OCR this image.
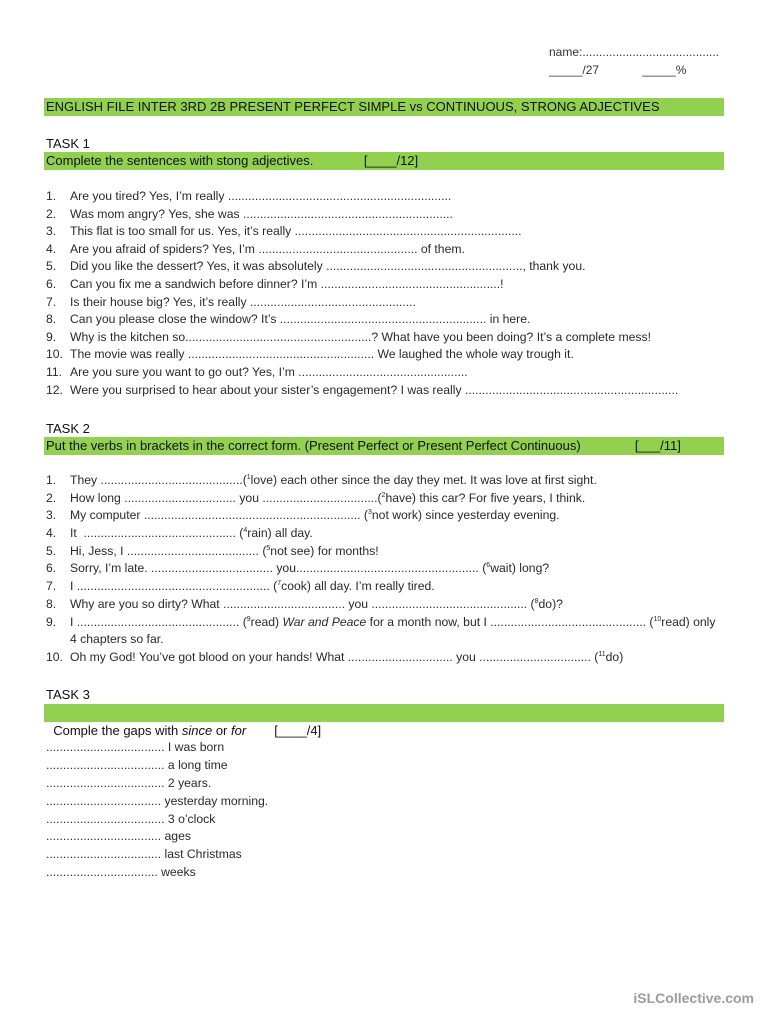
name:.........................................
_____/27             _____%
ENGLISH FILE INTER 3RD 2B PRESENT PERFECT SIMPLE vs CONTINUOUS, STRONG ADJECTIVES
TASK 1
Complete the sentences with stong adjectives.              [____/12]
1. Are you tired? Yes, I’m really ..................................................................
2. Was mom angry? Yes, she was ..............................................................
3. This flat is too small for us. Yes, it’s really ...................................................................
4. Are you afraid of spiders? Yes, I’m ............................................... of them.
5. Did you like the dessert? Yes, it was absolutely .........................................................., thank you.
6. Can you fix me a sandwich before dinner? I’m .....................................................!
7. Is their house big? Yes, it’s really .................................................
8. Can you please close the window? It’s ............................................................. in here.
9. Why is the kitchen so.......................................................? What have you been doing? It’s a complete mess!
10. The movie was really ....................................................... We laughed the whole way trough it.
11. Are you sure you want to go out? Yes, I’m ..................................................
12. Were you surprised to hear about your sister’s engagement? I was really ...............................................................
TASK 2
Put the verbs in brackets in the correct form. (Present Perfect or Present Perfect Continuous)               [___/11]
1. They ..........................................($^1$love) each other since the day they met. It was love at first sight.
2. How long ................................. you ..................................($^2$have) this car? For five years, I think.
3. My computer ................................................................ ($^3$not work) since yesterday evening.
4. It  ............................................. ($^4$rain) all day.
5. Hi, Jess, I ....................................... ($^5$not see) for months!
6. Sorry, I’m late. .................................... you...................................................... ($^6$wait) long?
7. I ......................................................... ($^7$cook) all day. I’m really tired.
8. Why are you so dirty? What .................................... you .............................................. ($^8$do)?
9. I ................................................ ($^9$read) War and Peace for a month now, but I .............................................. ($^{10}$read) only
4 chapters so far.
10. Oh my God! You’ve got blood on your hands! What ............................... you ................................. ($^{11}$do)
TASK 3

Comple the gaps with since or for [____/4]

................................... I was born
................................... a long time
................................... 2 years.
.................................. yesterday morning.
................................... 3 o’clock
.................................. ages
.................................. last Christmas
................................. weeks
iSLCollective.com
